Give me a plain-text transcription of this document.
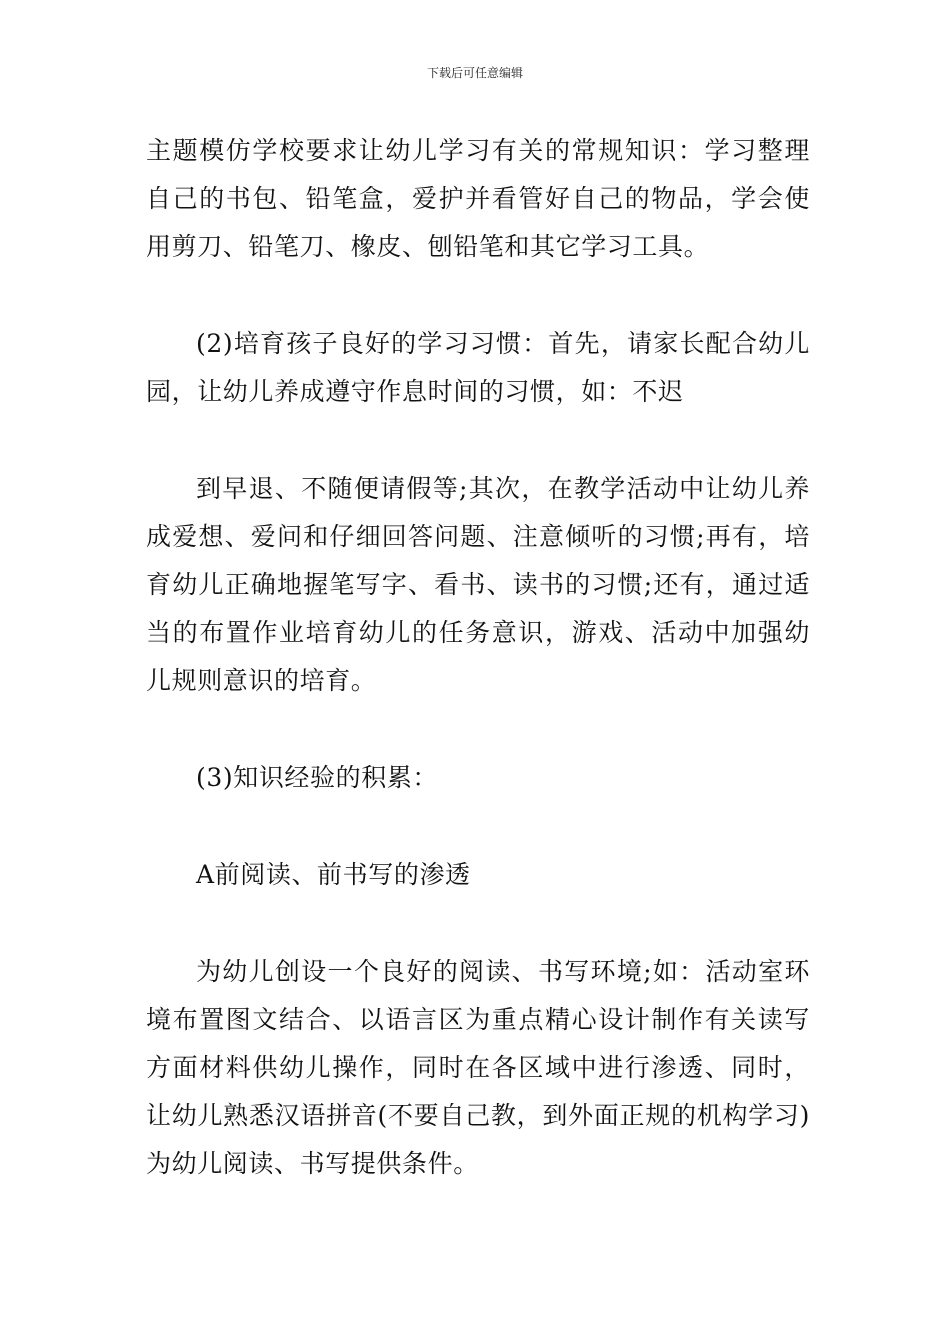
下载后可任意编辑

主题模仿学校要求让幼儿学习有关的常规知识：学习整理自己的书包、铅笔盒，爱护并看管好自己的物品，学会使用剪刀、铅笔刀、橡皮、刨铅笔和其它学习工具。

(2)培育孩子良好的学习习惯：首先，请家长配合幼儿园，让幼儿养成遵守作息时间的习惯，如：不迟

到早退、不随便请假等;其次，在教学活动中让幼儿养成爱想、爱问和仔细回答问题、注意倾听的习惯;再有，培育幼儿正确地握笔写字、看书、读书的习惯;还有，通过适当的布置作业培育幼儿的任务意识，游戏、活动中加强幼儿规则意识的培育。

(3)知识经验的积累：

A前阅读、前书写的渗透

为幼儿创设一个良好的阅读、书写环境;如：活动室环境布置图文结合、以语言区为重点精心设计制作有关读写方面材料供幼儿操作，同时在各区域中进行渗透、同时，让幼儿熟悉汉语拼音(不要自己教，到外面正规的机构学习)为幼儿阅读、书写提供条件。
